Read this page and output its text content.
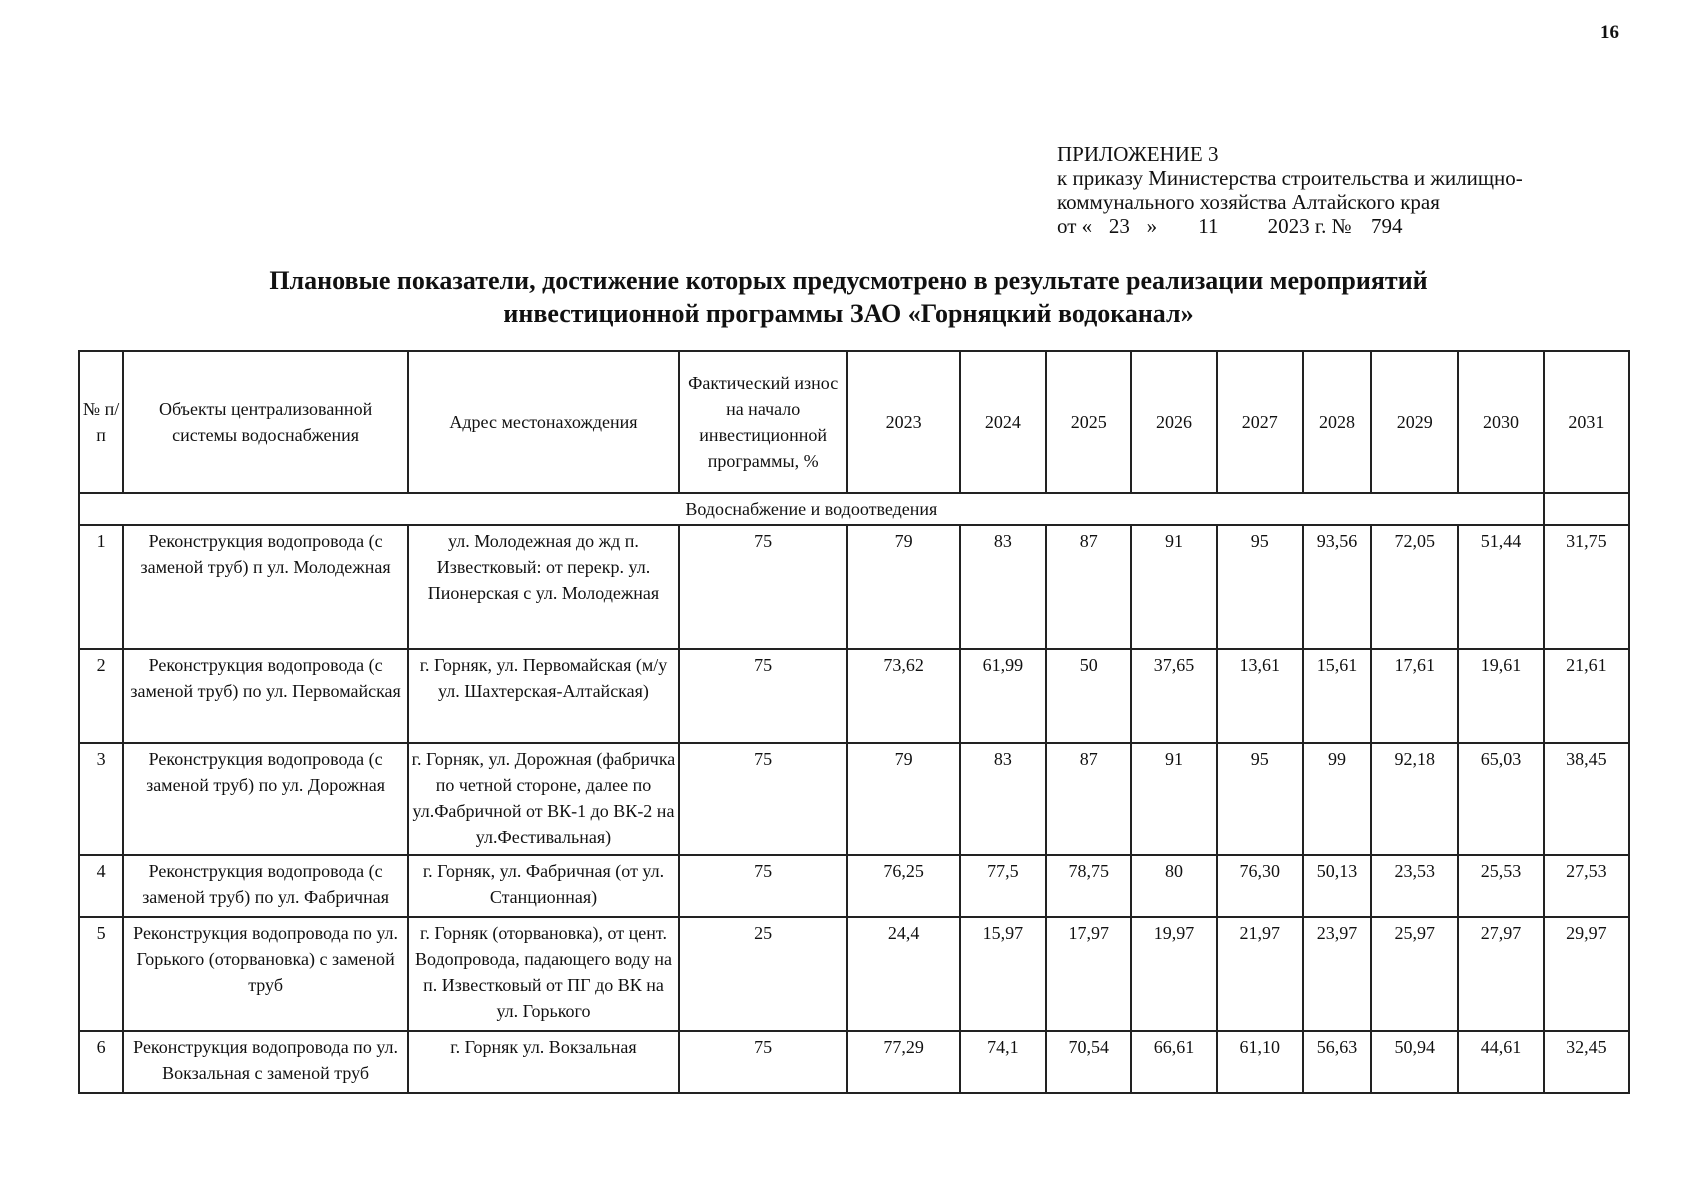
16
ПРИЛОЖЕНИЕ 3
к приказу Министерства строительства и жилищно-
коммунального хозяйства Алтайского края
от « 23 » 11 2023 г. № 794
Плановые показатели, достижение которых предусмотрено в результате реализации мероприятий
инвестиционной программы ЗАО «Горняцкий водоканал»
№ п/п	Объекты централизованной системы водоснабжения	Адрес местонахождения	Фактический износ на начало инвестиционной программы, %	2023	2024	2025	2026	2027	2028	2029	2030	2031
Водоснабжение и водоотведения												
1	Реконструкция водопровода (с заменой труб) п ул. Молодежная	ул. Молодежная до жд п. Известковый: от перекр. ул. Пионерская с ул. Молодежная	75	79	83	87	91	95	93,56	72,05	51,44	31,75
2	Реконструкция водопровода (с заменой труб) по ул. Первомайская	г. Горняк, ул. Первомайская (м/у ул. Шахтерская-Алтайская)	75	73,62	61,99	50	37,65	13,61	15,61	17,61	19,61	21,61
3	Реконструкция водопровода (с заменой труб) по ул. Дорожная	г. Горняк, ул. Дорожная (фабричка по четной стороне, далее по ул.Фабричной от ВК-1 до ВК-2 на ул.Фестивальная)	75	79	83	87	91	95	99	92,18	65,03	38,45
4	Реконструкция водопровода (с заменой труб) по ул. Фабричная	г. Горняк, ул. Фабричная (от ул. Станционная)	75	76,25	77,5	78,75	80	76,30	50,13	23,53	25,53	27,53
5	Реконструкция водопровода по ул. Горького (оторвановка) с заменой труб	г. Горняк (оторвановка), от цент. Водопровода, падающего воду на п. Известковый от ПГ до ВК на ул. Горького	25	24,4	15,97	17,97	19,97	21,97	23,97	25,97	27,97	29,97
6	Реконструкция водопровода по ул. Вокзальная с заменой труб	г. Горняк ул. Вокзальная	75	77,29	74,1	70,54	66,61	61,10	56,63	50,94	44,61	32,45
